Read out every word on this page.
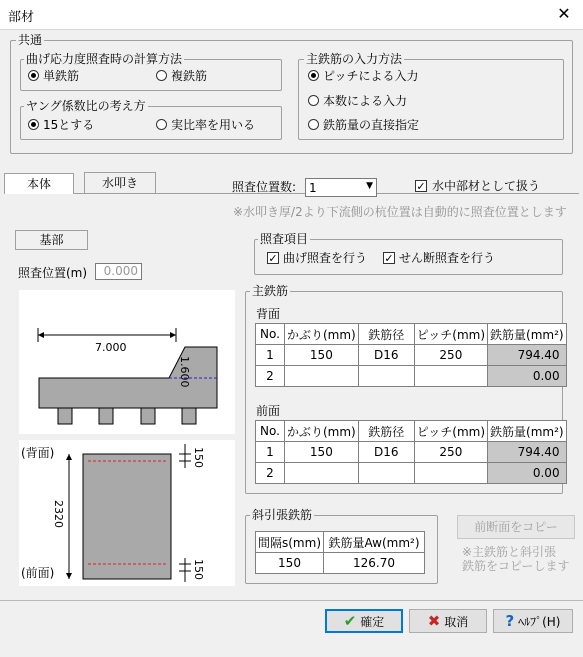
部材	✕
共通
曲げ応力度照査時の計算方法
単鉄筋	複鉄筋
ヤング係数比の考え方
15とする	実比率を用いる
主鉄筋の入力方法
ピッチによる入力
本数による入力
鉄筋量の直接指定
本体	水叩き	照査位置数: 1	▼	✓ 水中部材として扱う
※水叩き厚/2より下流側の杭位置は自動的に照査位置とします
基部
照査位置(m)	0.000
7.000
1.600
(背面)
(前面)
2320
150
150
照査項目
✓ 曲げ照査を行う ✓ せん断照査を行う
主鉄筋
背面
No.	かぶり(mm)	鉄筋径	ピッチ(mm)	鉄筋量(mm²)
1	150	D16	250	794.40
2				0.00
前面
No.	かぶり(mm)	鉄筋径	ピッチ(mm)	鉄筋量(mm²)
1	150	D16	250	794.40
2				0.00
斜引張鉄筋
間隔s(mm)	鉄筋量Aw(mm²)
150	126.70
前断面をコピー
※主鉄筋と斜引張
鉄筋をコピーします
✔ 確定	✖ 取消	? ﾍﾙﾌﾟ(H)
